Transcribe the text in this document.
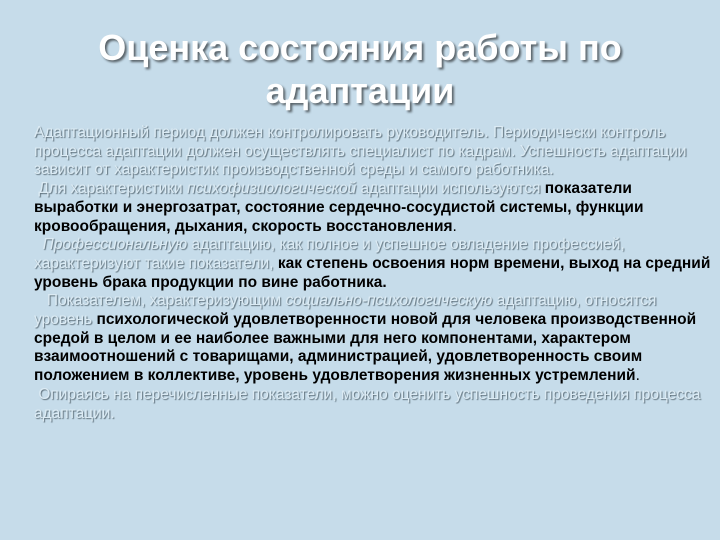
Оценка состояния работы по адаптации

Адаптационный период должен контролировать руководитель. Периодически контроль процесса адаптации должен осуществлять специалист по кадрам. Успешность адаптации зависит от характеристик производственной среды и самого работника.

Для характеристики психофизиологической адаптации используются показатели выработки и энергозатрат, состояние сердечно-сосудистой системы, функции кровообращения, дыхания, скорость восстановления.

Профессиональную адаптацию, как полное и успешное овладение профессией, характеризуют такие показатели, как степень освоения норм времени, выход на средний уровень брака продукции по вине работника.

Показателем, характеризующим социально-психологическую адаптацию, относятся уровень психологической удовлетворенности новой для человека производственной средой в целом и ее наиболее важными для него компонентами, характером взаимоотношений с товарищами, администрацией, удовлетворенность своим положением в коллективе, уровень удовлетворения жизненных устремлений.

Опираясь на перечисленные показатели, можно оценить успешность проведения процесса адаптации.
